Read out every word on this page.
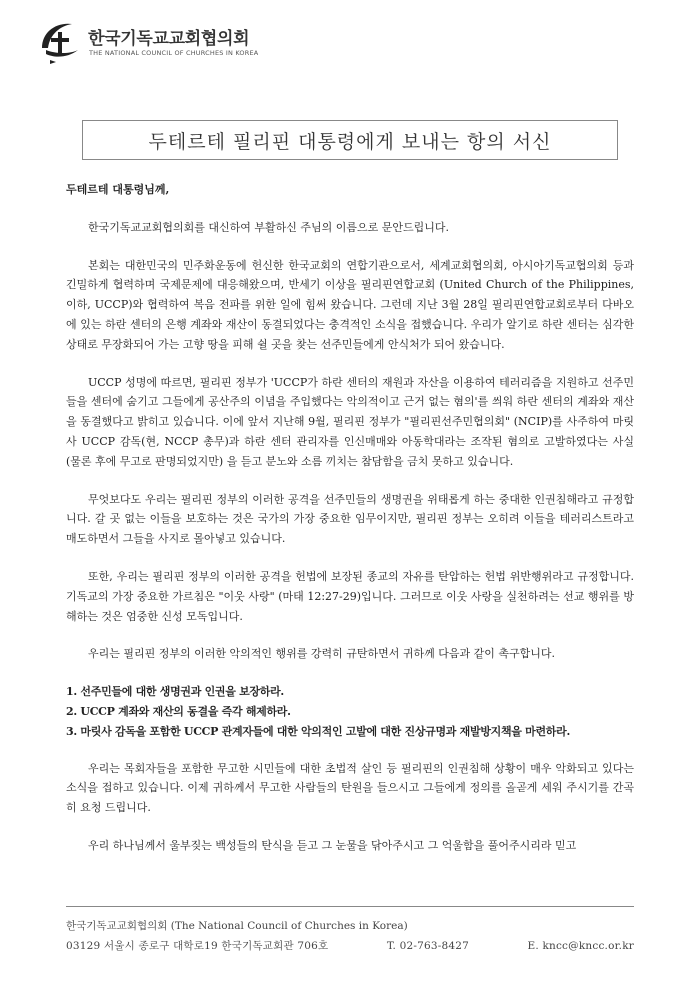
한국기독교교회협의회
THE NATIONAL COUNCIL OF CHURCHES IN KOREA
두테르테 필리핀 대통령에게 보내는 항의 서신
두테르테 대통령님께,

한국기독교교회협의회를 대신하여 부활하신 주님의 이름으로 문안드립니다.

본회는 대한민국의 민주화운동에 헌신한 한국교회의 연합기관으로서, 세계교회협의회, 아시아기독교협의회 등과 긴밀하게 협력하며 국제문제에 대응해왔으며, 반세기 이상을 필리핀연합교회 (United Church of the Philippines, 이하, UCCP)와 협력하여 복음 전파를 위한 일에 힘써 왔습니다. 그런데 지난 3월 28일 필리핀연합교회로부터 다바오에 있는 하란 센터의 은행 계좌와 재산이 동결되었다는 충격적인 소식을 접했습니다. 우리가 알기로 하란 센터는 심각한 상태로 무장화되어 가는 고향 땅을 피해 쉴 곳을 찾는 선주민들에게 안식처가 되어 왔습니다.

UCCP 성명에 따르면, 필리핀 정부가 'UCCP가 하란 센터의 재원과 자산을 이용하여 테러리즘을 지원하고 선주민들을 센터에 숨기고 그들에게 공산주의 이념을 주입했다는 악의적이고 근거 없는 혐의'를 씌워 하란 센터의 계좌와 재산을 동결했다고 밝히고 있습니다. 이에 앞서 지난해 9월, 필리핀 정부가 "필리핀선주민협의회" (NCIP)를 사주하여 마릿사 UCCP 감독(현, NCCP 총무)과 하란 센터 관리자를 인신매매와 아동학대라는 조작된 혐의로 고발하였다는 사실 (물론 후에 무고로 판명되었지만) 을 듣고 분노와 소름 끼치는 참담함을 금치 못하고 있습니다.

무엇보다도 우리는 필리핀 정부의 이러한 공격을 선주민들의 생명권을 위태롭게 하는 중대한 인권침해라고 규정합니다. 갈 곳 없는 이들을 보호하는 것은 국가의 가장 중요한 임무이지만, 필리핀 정부는 오히려 이들을 테러리스트라고 매도하면서 그들을 사지로 몰아넣고 있습니다.

또한, 우리는 필리핀 정부의 이러한 공격을 헌법에 보장된 종교의 자유를 탄압하는 헌법 위반행위라고 규정합니다. 기독교의 가장 중요한 가르침은 "이웃 사랑" (마태 12:27-29)입니다. 그러므로 이웃 사랑을 실천하려는 선교 행위를 방해하는 것은 엄중한 신성 모독입니다.

우리는 필리핀 정부의 이러한 악의적인 행위를 강력히 규탄하면서 귀하께 다음과 같이 촉구합니다.

1. 선주민들에 대한 생명권과 인권을 보장하라.
2. UCCP 계좌와 재산의 동결을 즉각 해제하라.
3. 마릿사 감독을 포함한 UCCP 관계자들에 대한 악의적인 고발에 대한 진상규명과 재발방지책을 마련하라.

우리는 목회자들을 포함한 무고한 시민들에 대한 초법적 살인 등 필리핀의 인권침해 상황이 매우 악화되고 있다는 소식을 접하고 있습니다. 이제 귀하께서 무고한 사람들의 탄원을 들으시고 그들에게 정의를 올곧게 세워 주시기를 간곡히 요청 드립니다.

우리 하나님께서 울부짖는 백성들의 탄식을 듣고 그 눈물을 닦아주시고 그 억울함을 풀어주시리라 믿고

한국기독교교회협의회 (The National Council of Churches in Korea)
03129 서울시 종로구 대학로19 한국기독교회관 706호	T. 02-763-8427	E. kncc@kncc.or.kr
